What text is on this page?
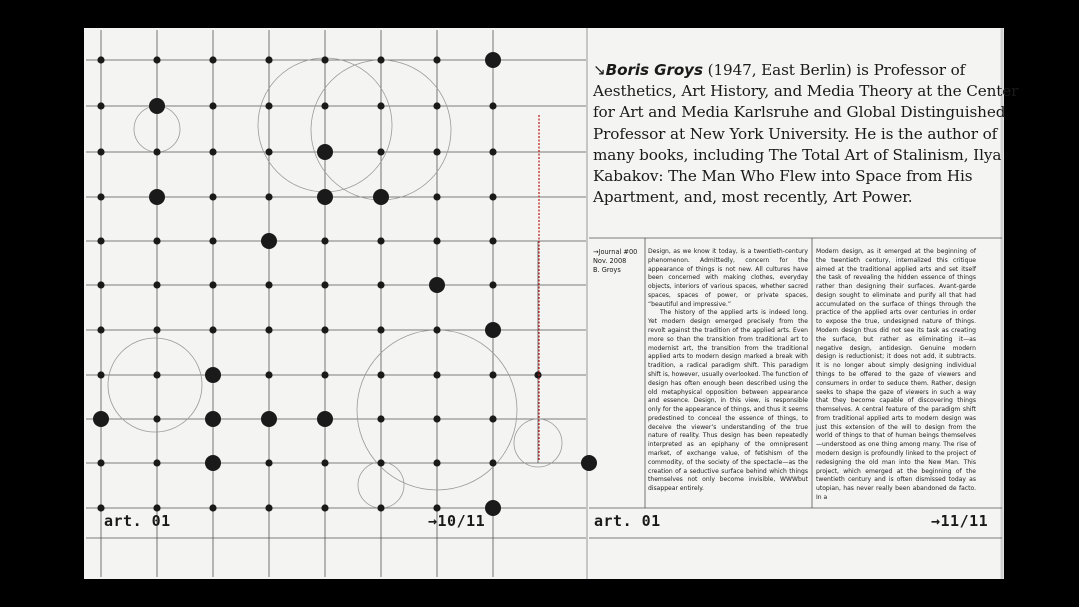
↘Boris Groys (1947, East Berlin) is Professor of Aesthetics, Art History, and Media Theory at the Center for Art and Media Karlsruhe and Global Distinguished Professor at New York University. He is the author of many books, including The Total Art of Stalinism, Ilya Kabakov: The Man Who Flew into Space from His Apartment, and, most recently, Art Power.
→Journal #00
Nov. 2008
B. Groys

Design, as we know it today, is a twentieth-century phenomenon. Admittedly, concern for the appearance of things is not new. All cultures have been concerned with making clothes, everyday objects, interiors of various spaces, whether sacred spaces, spaces of power, or private spaces, “beautiful and impressive.”

The history of the applied arts is indeed long. Yet modern design emerged precisely from the revolt against the tradition of the applied arts. Even more so than the transition from traditional art to modernist art, the transition from the traditional applied arts to modern design marked a break with tradition, a radical paradigm shift. This paradigm shift is, however, usually overlooked. The function of design has often enough been described using the old metaphysical opposition between appearance and essence. Design, in this view, is responsible only for the appearance of things, and thus it seems predestined to conceal the essence of things, to deceive the viewer’s understanding of the true nature of reality. Thus design has been repeatedly interpreted as an epiphany of the omnipresent market, of exchange value, of fetishism of the commodity, of the society of the spectacle—as the creation of a seductive surface behind which things themselves not only become invisible, WWWbut disappear entirely.

Modern design, as it emerged at the beginning of the twentieth century, internalized this critique aimed at the traditional applied arts and set itself the task of revealing the hidden essence of things rather than designing their surfaces. Avant-garde design sought to eliminate and purify all that had accumulated on the surface of things through the practice of the applied arts over centuries in order to expose the true, undesigned nature of things. Modern design thus did not see its task as creating the surface, but rather as eliminating it—as negative design, antidesign. Genuine modern design is reductionist; it does not add, it subtracts. It is no longer about simply designing individual things to be offered to the gaze of viewers and consumers in order to seduce them. Rather, design seeks to shape the gaze of viewers in such a way that they become capable of discovering things themselves. A central feature of the paradigm shift from traditional applied arts to modern design was just this extension of the will to design from the world of things to that of human beings themselves—understood as one thing among many. The rise of modern design is profoundly linked to the project of redesigning the old man into the New Man. This project, which emerged at the beginning of the twentieth century and is often dismissed today as utopian, has never really been abandoned de facto. In a

art. 01	→10/11	art. 01	→11/11
